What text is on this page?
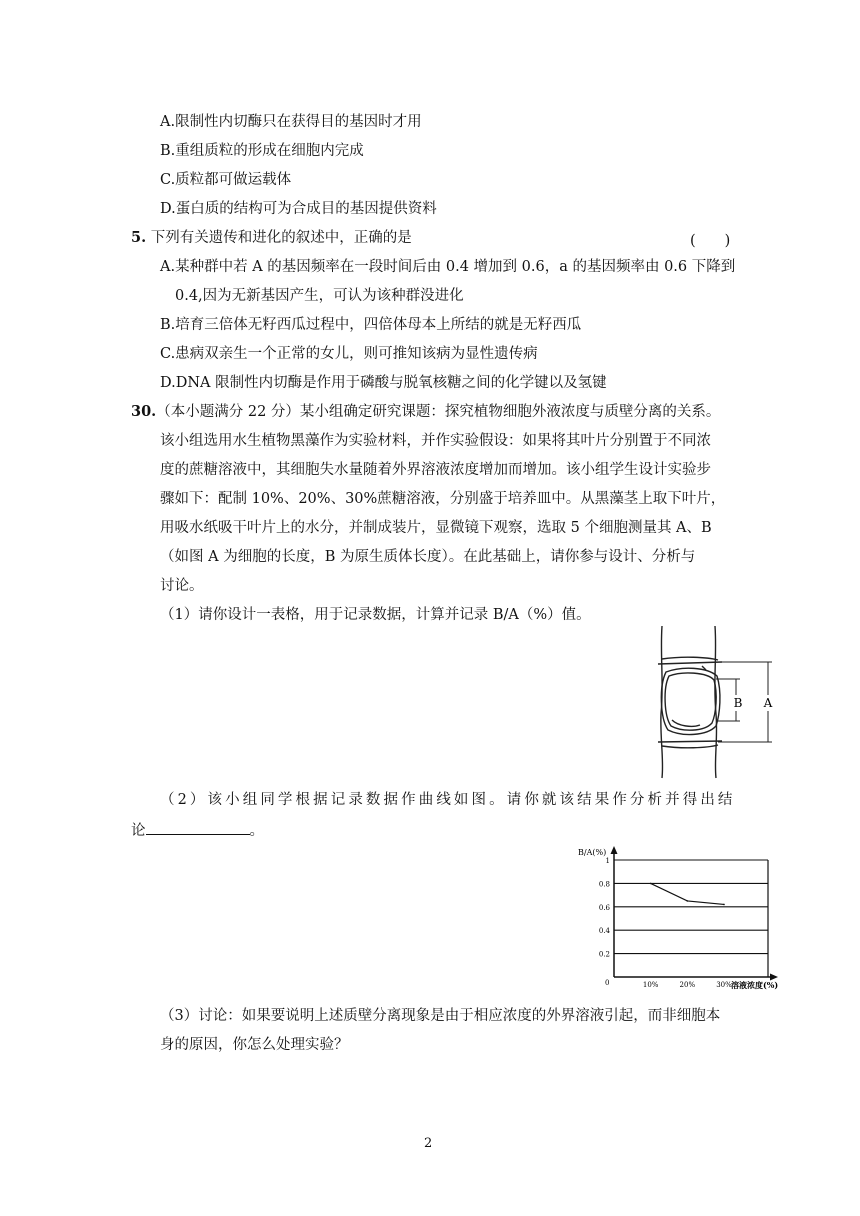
A.限制性内切酶只在获得目的基因时才用
B.重组质粒的形成在细胞内完成
C.质粒都可做运载体
D.蛋白质的结构可为合成目的基因提供资料
5. 下列有关遗传和进化的叙述中，正确的是	(　　)
A.某种群中若 A 的基因频率在一段时间后由 0.4 增加到 0.6，a 的基因频率由 0.6 下降到
0.4,因为无新基因产生，可认为该种群没进化
B.培育三倍体无籽西瓜过程中，四倍体母本上所结的就是无籽西瓜
C.患病双亲生一个正常的女儿，则可推知该病为显性遗传病
D.DNA 限制性内切酶是作用于磷酸与脱氧核糖之间的化学键以及氢键
30.（本小题满分 22 分）某小组确定研究课题：探究植物细胞外液浓度与质壁分离的关系。
该小组选用水生植物黑藻作为实验材料，并作实验假设：如果将其叶片分别置于不同浓
度的蔗糖溶液中，其细胞失水量随着外界溶液浓度增加而增加。该小组学生设计实验步
骤如下：配制 10%、20%、30%蔗糖溶液，分别盛于培养皿中。从黑藻茎上取下叶片，
用吸水纸吸干叶片上的水分，并制成装片，显微镜下观察，选取 5 个细胞测量其 A、B
（如图 A 为细胞的长度，B 为原生质体长度）。在此基础上，请你参与设计、分析与
讨论。
（1）请你设计一表格，用于记录数据，计算并记录 B/A（%）值。
B A
（2）该小组同学根据记录数据作曲线如图。请你就该结果作分析并得出结
论	。
B/A(%)
溶液浓度(%)
0
0.2
0.4
0.6
0.8
1
10%	20%	30%
（3）讨论：如果要说明上述质壁分离现象是由于相应浓度的外界溶液引起，而非细胞本
身的原因，你怎么处理实验？
2
